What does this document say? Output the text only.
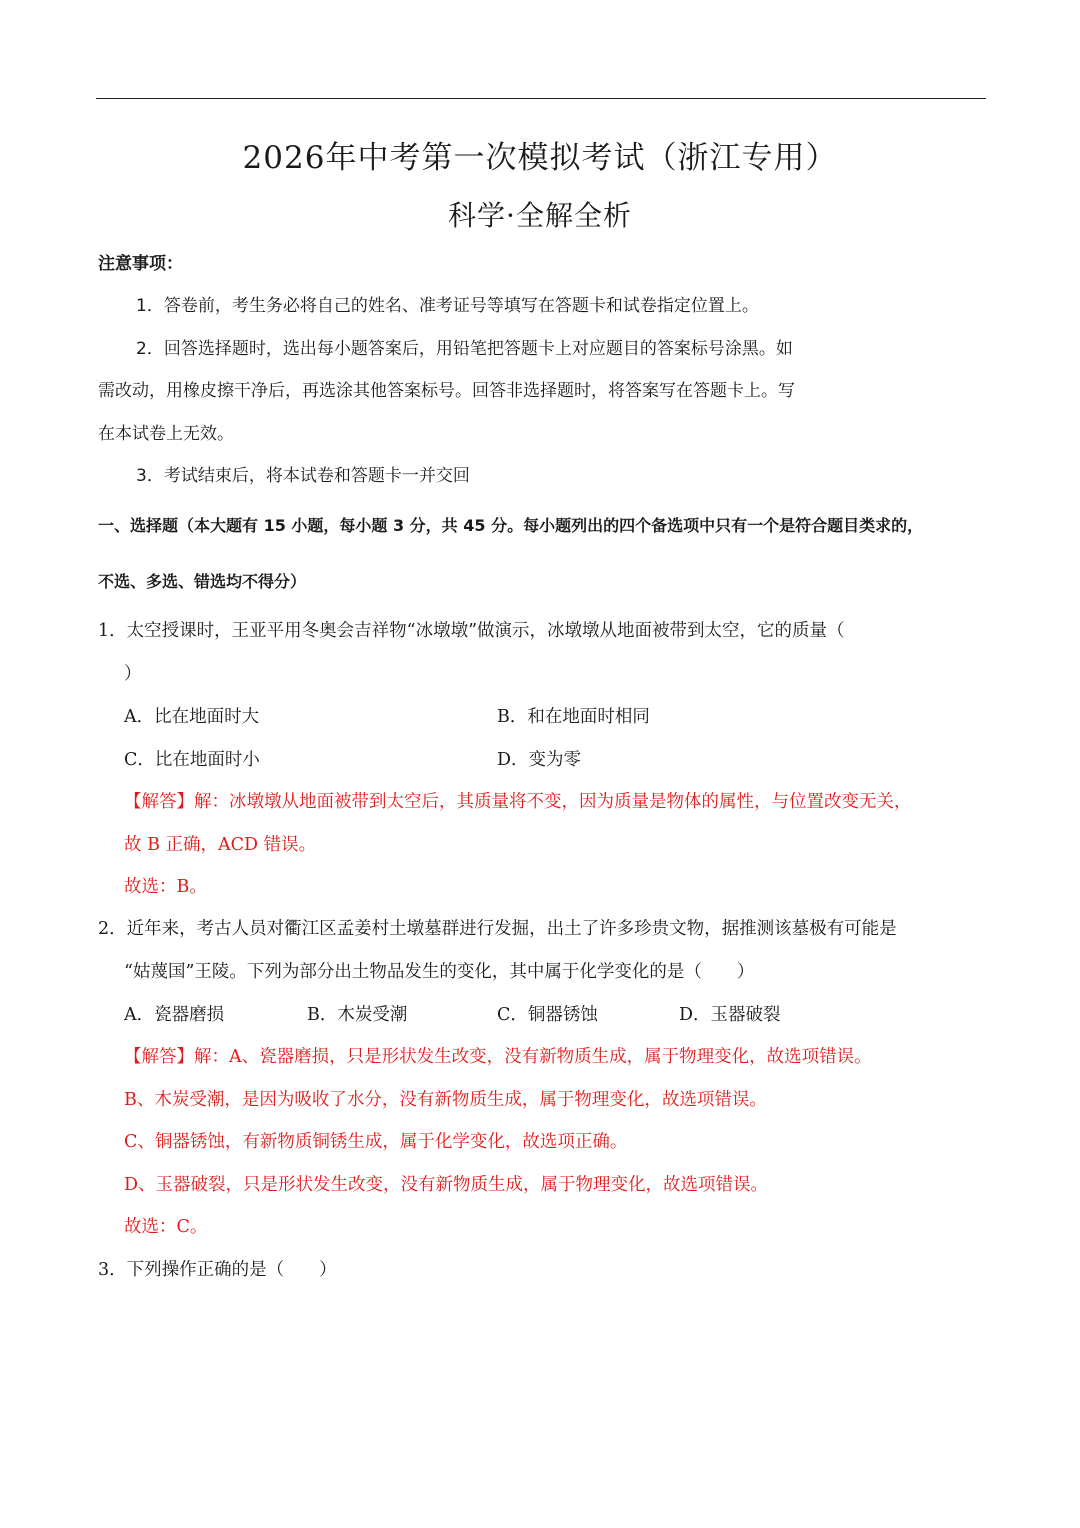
2026年中考第一次模拟考试（浙江专用）
科学·全解全析
注意事项：
1．答卷前，考生务必将自己的姓名、准考证号等填写在答题卡和试卷指定位置上。
2．回答选择题时，选出每小题答案后，用铅笔把答题卡上对应题目的答案标号涂黑。如
需改动，用橡皮擦干净后，再选涂其他答案标号。回答非选择题时，将答案写在答题卡上。写
在本试卷上无效。
3．考试结束后，将本试卷和答题卡一并交回
一、选择题（本大题有 15 小题，每小题 3 分，共 45 分。每小题列出的四个备选项中只有一个是符合题目类求的，
不选、多选、错选均不得分）
1．太空授课时，王亚平用冬奥会吉祥物“冰墩墩”做演示，冰墩墩从地面被带到太空，它的质量（
）
A．比在地面时大	B．和在地面时相同
C．比在地面时小	D．变为零
【解答】解：冰墩墩从地面被带到太空后，其质量将不变，因为质量是物体的属性，与位置改变无关，
故 B 正确，ACD 错误。
故选：B。
2．近年来，考古人员对衢江区孟姜村土墩墓群进行发掘，出土了许多珍贵文物，据推测该墓极有可能是
“姑蔑国”王陵。下列为部分出土物品发生的变化，其中属于化学变化的是（　　）
A．瓷器磨损	B．木炭受潮	C．铜器锈蚀	D．玉器破裂
【解答】解：A、瓷器磨损，只是形状发生改变，没有新物质生成，属于物理变化，故选项错误。
B、木炭受潮，是因为吸收了水分，没有新物质生成，属于物理变化，故选项错误。
C、铜器锈蚀，有新物质铜锈生成，属于化学变化，故选项正确。
D、玉器破裂，只是形状发生改变，没有新物质生成，属于物理变化，故选项错误。
故选：C。
3．下列操作正确的是（　　）
